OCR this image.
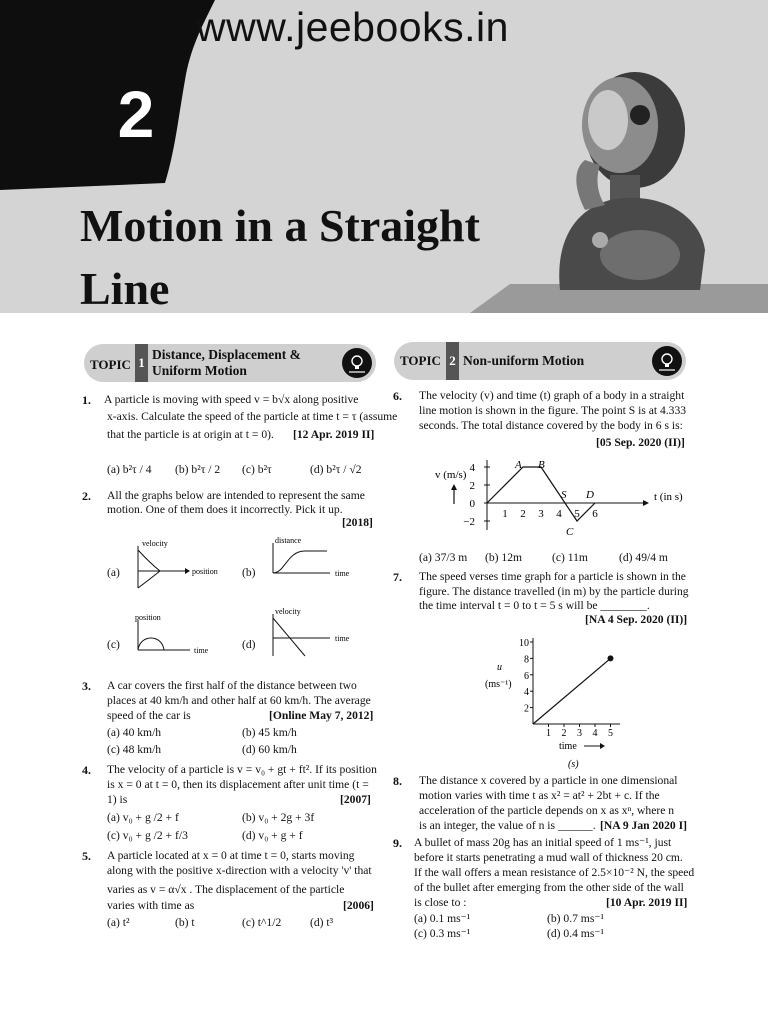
www.jeebooks.in
2
Motion in a Straight
Line
TOPIC 1
Distance, Displacement &
Uniform Motion
TOPIC 2 Non-uniform Motion
1. A particle is moving with speed v = b√x along positive
x-axis. Calculate the speed of the particle at time t = τ (assume
that the particle is at origin at t = 0). [12 Apr. 2019 II]
(a) b²τ / 4 (b) b²τ / 2 (c) b²τ	(d) b²τ / √2
2. All the graphs below are intended to represent the same
motion. One of them does it incorrectly. Pick it up.
[2018]
(a)	(b)
(c)	(d)
velocity
position
distance
time
position
time
velocity
time
3. A car covers the first half of the distance between two
places at 40 km/h and other half at 60 km/h. The average
speed of the car is	[Online May 7, 2012]
(a) 40 km/h	(b) 45 km/h
(c) 48 km/h	(d) 60 km/h
4. The velocity of a particle is v = v₀ + gt + ft². If its position
is x = 0 at t = 0, then its displacement after unit time (t =
1) is	[2007]
(a) v₀ + g /2 + f	(b) v₀ + 2g + 3f
(c) v₀ + g /2 + f/3	(d) v₀ + g + f
5. A particle located at x = 0 at time t = 0, starts moving
along with the positive x-direction with a velocity 'v' that
varies as v = α√x . The displacement of the particle
varies with time as	[2006]
(a) t²	(b) t	(c) t^1/2 (d) t³
6. The velocity (v) and time (t) graph of a body in a straight
line motion is shown in the figure. The point S is at 4.333
seconds. The total distance covered by the body in 6 s is:
[05 Sep. 2020 (II)]
v (m/s)
t (in s)
4
2
0
−2
1 2 3 4 5 6
A B
S D
C
(a) 37/3 m (b) 12m	(c) 11m	(d) 49/4 m
7. The speed verses time graph for a particle is shown in the
figure. The distance travelled (in m) by the particle during
the time interval t = 0 to t = 5 s will be ________.
[NA 4 Sep. 2020 (II)]
u
(ms⁻¹)
10
8
6
4
2
1 2 3 4 5
time
(s)
8. The distance x covered by a particle in one dimensional
motion varies with time t as x² = at² + 2bt + c. If the
acceleration of the particle depends on x as xⁿ, where n
is an integer, the value of n is ______. [NA 9 Jan 2020 I]
9. A bullet of mass 20g has an initial speed of 1 ms⁻¹, just
before it starts penetrating a mud wall of thickness 20 cm.
If the wall offers a mean resistance of 2.5×10⁻² N, the speed
of the bullet after emerging from the other side of the wall
is close to :	[10 Apr. 2019 II]
(a) 0.1 ms⁻¹	(b) 0.7 ms⁻¹
(c) 0.3 ms⁻¹	(d) 0.4 ms⁻¹
